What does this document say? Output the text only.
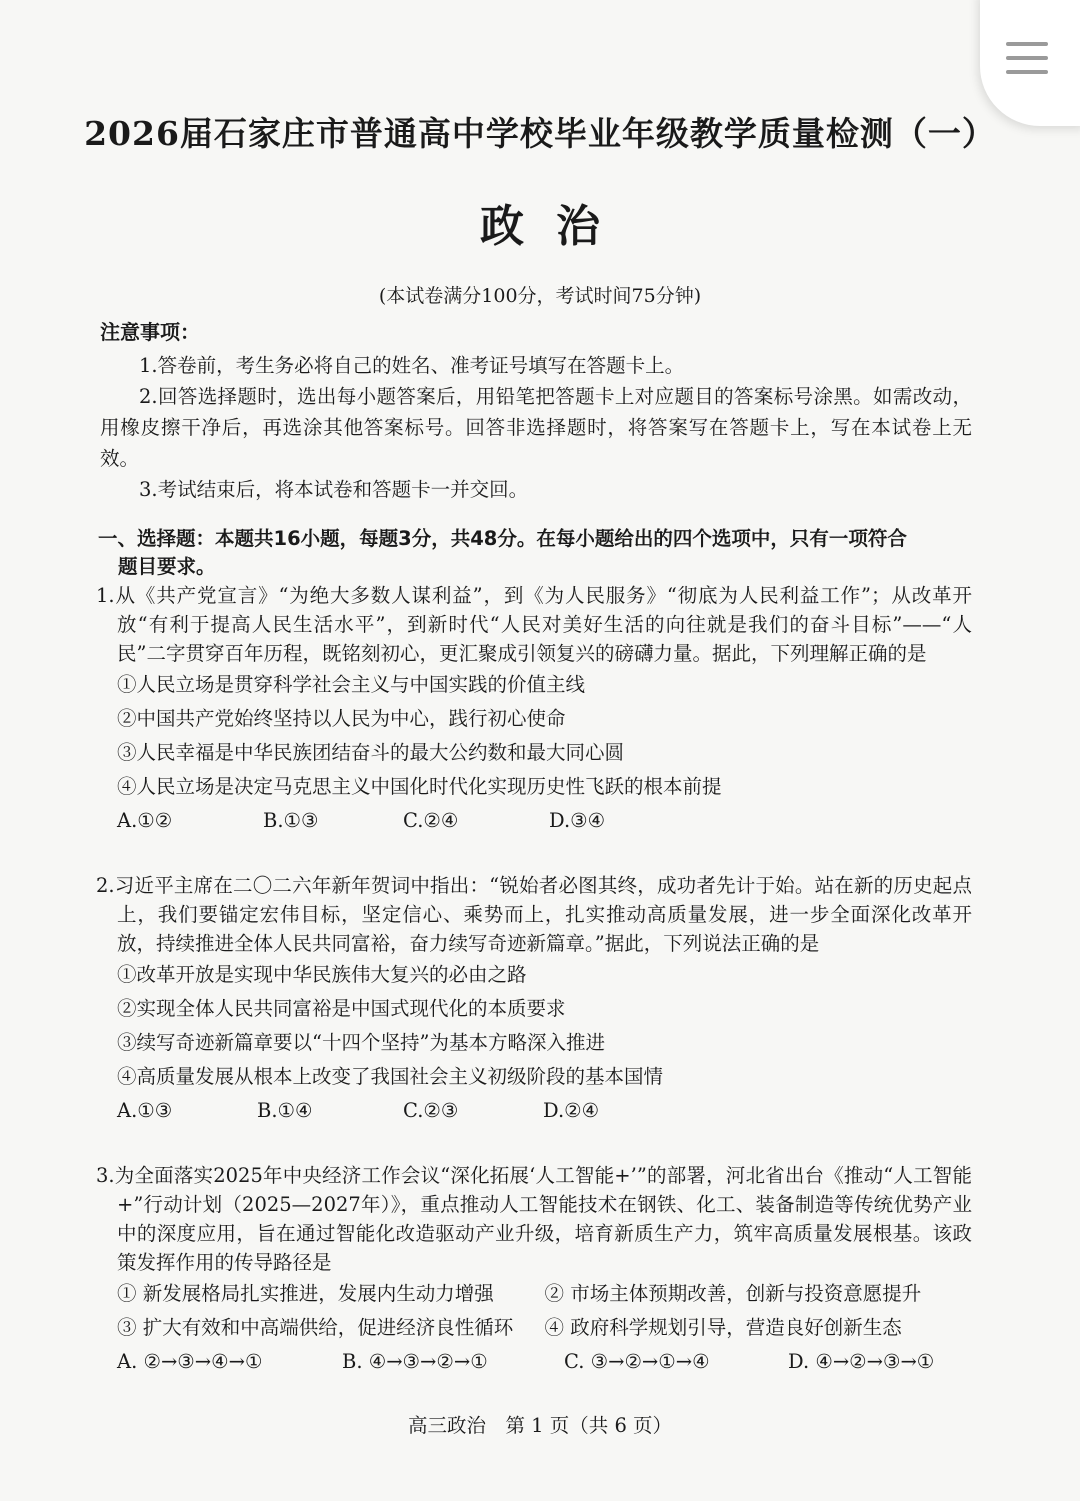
2026届石家庄市普通高中学校毕业年级教学质量检测（一）
政治
(本试卷满分100分，考试时间75分钟)
注意事项：

1.答卷前，考生务必将自己的姓名、准考证号填写在答题卡上。

2.回答选择题时，选出每小题答案后，用铅笔把答题卡上对应题目的答案标号涂黑。如需改动，用橡皮擦干净后，再选涂其他答案标号。回答非选择题时，将答案写在答题卡上，写在本试卷上无效。

3.考试结束后，将本试卷和答题卡一并交回。

一、选择题：本题共16小题，每题3分，共48分。在每小题给出的四个选项中，只有一项符合
题目要求。

1.从《共产党宣言》“为绝大多数人谋利益”，到《为人民服务》“彻底为人民利益工作”；从改革开放“有利于提高人民生活水平”，到新时代“人民对美好生活的向往就是我们的奋斗目标”——“人民”二字贯穿百年历程，既铭刻初心，更汇聚成引领复兴的磅礴力量。据此，下列理解正确的是

①人民立场是贯穿科学社会主义与中国实践的价值主线

②中国共产党始终坚持以人民为中心，践行初心使命

③人民幸福是中华民族团结奋斗的最大公约数和最大同心圆

④人民立场是决定马克思主义中国化时代化实现历史性飞跃的根本前提

A.①②	B.①③	C.②④	D.③④

2.习近平主席在二〇二六年新年贺词中指出：“锐始者必图其终，成功者先计于始。站在新的历史起点上，我们要锚定宏伟目标，坚定信心、乘势而上，扎实推动高质量发展，进一步全面深化改革开放，持续推进全体人民共同富裕，奋力续写奇迹新篇章。”据此，下列说法正确的是

①改革开放是实现中华民族伟大复兴的必由之路

②实现全体人民共同富裕是中国式现代化的本质要求

③续写奇迹新篇章要以“十四个坚持”为基本方略深入推进

④高质量发展从根本上改变了我国社会主义初级阶段的基本国情

A.①③	B.①④	C.②③	D.②④

3.为全面落实2025年中央经济工作会议“深化拓展‘人工智能+’”的部署，河北省出台《推动“人工智能+”行动计划（2025—2027年）》，重点推动人工智能技术在钢铁、化工、装备制造等传统优势产业中的深度应用，旨在通过智能化改造驱动产业升级，培育新质生产力，筑牢高质量发展根基。该政策发挥作用的传导路径是

① 新发展格局扎实推进，发展内生动力增强	② 市场主体预期改善，创新与投资意愿提升
③ 扩大有效和中高端供给，促进经济良性循环	④ 政府科学规划引导，营造良好创新生态
A. ②→③→④→①	B. ④→③→②→①	C. ③→②→①→④	D. ④→②→③→①
高三政治　第 1 页（共 6 页）
